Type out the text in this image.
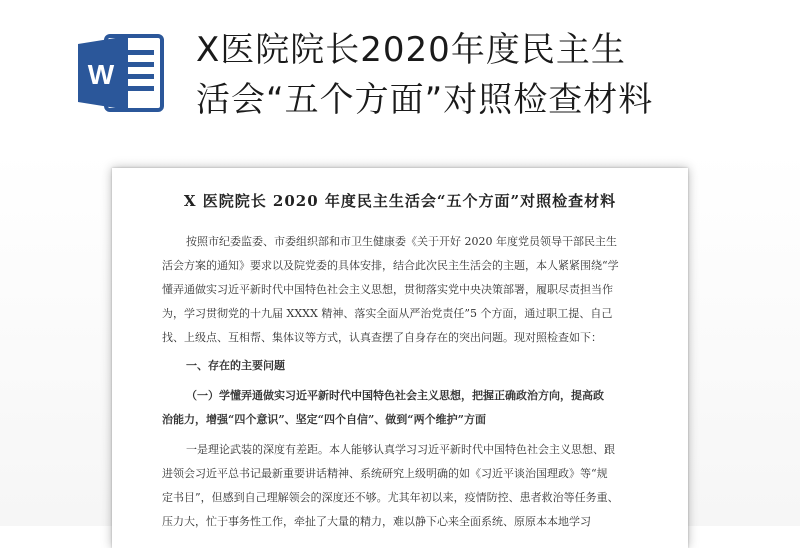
W
X医院院长2020年度民主生
活会“五个方面”对照检查材料
X 医院院长 2020 年度民主生活会“五个方面”对照检查材料
按照市纪委监委、市委组织部和市卫生健康委《关于开好 2020 年度党员领导干部民主生
活会方案的通知》要求以及院党委的具体安排，结合此次民主生活会的主题，本人紧紧围绕“学
懂弄通做实习近平新时代中国特色社会主义思想，贯彻落实党中央决策部署，履职尽责担当作
为，学习贯彻党的十九届 XXXX 精神、落实全面从严治党责任”5 个方面，通过职工提、自己
找、上级点、互相帮、集体议等方式，认真查摆了自身存在的突出问题。现对照检查如下：
一、存在的主要问题
（一）学懂弄通做实习近平新时代中国特色社会主义思想，把握正确政治方向，提高政
治能力，增强“四个意识”、坚定“四个自信”、做到“两个维护”方面
一是理论武装的深度有差距。本人能够认真学习习近平新时代中国特色社会主义思想、跟
进领会习近平总书记最新重要讲话精神、系统研究上级明确的如《习近平谈治国理政》等“规
定书目”，但感到自己理解领会的深度还不够。尤其年初以来，疫情防控、患者救治等任务重、
压力大，忙于事务性工作，牵扯了大量的精力，难以静下心来全面系统、原原本本地学习
